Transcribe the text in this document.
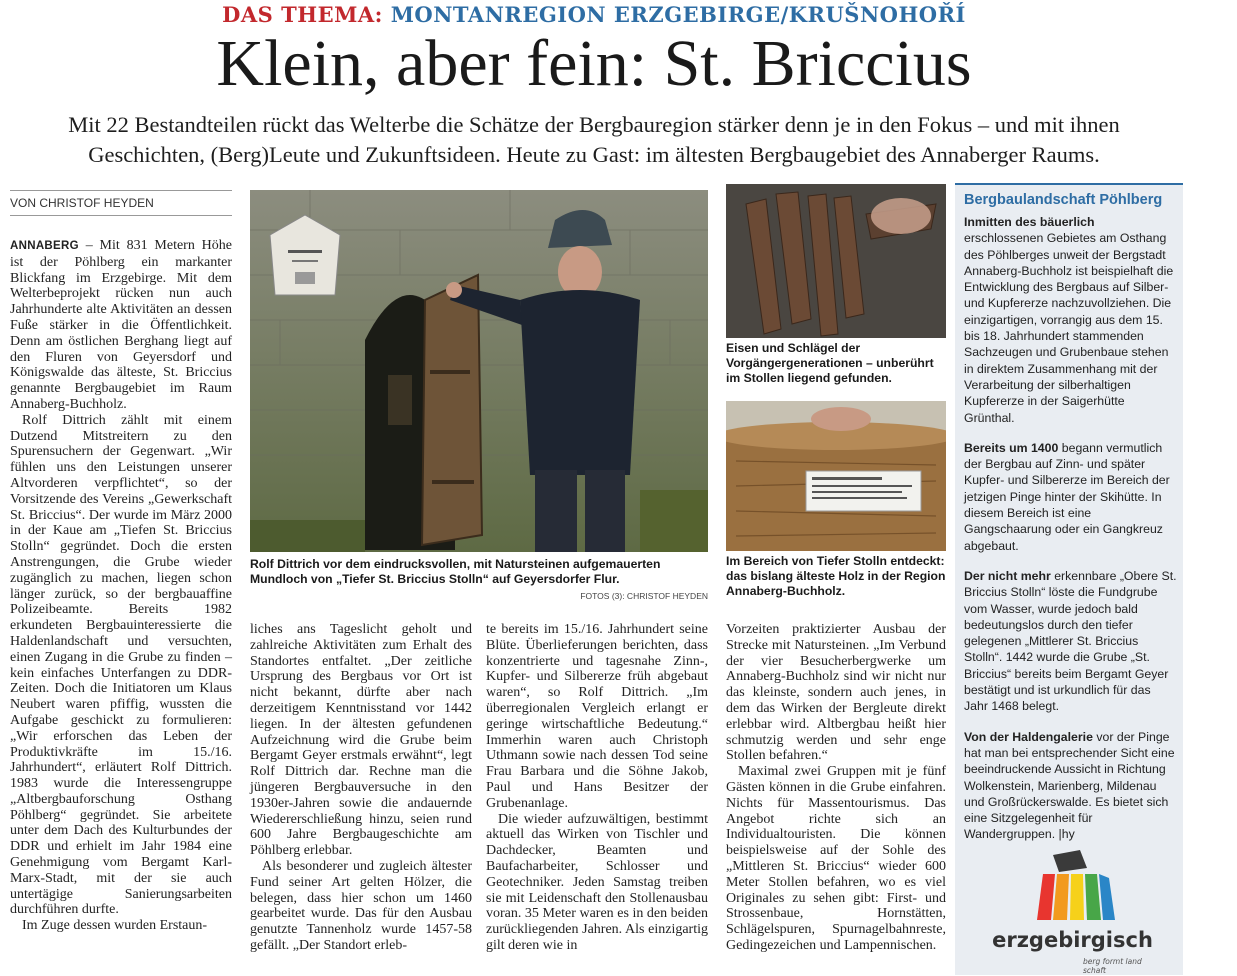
DAS THEMA: MONTANREGION ERZGEBIRGE/KRUŠNOHOŘÍ
Klein, aber fein: St. Briccius
Mit 22 Bestandteilen rückt das Welterbe die Schätze der Bergbauregion stärker denn je in den Fokus – und mit ihnen Geschichten, (Berg)Leute und Zukunftsideen. Heute zu Gast: im ältesten Bergbaugebiet des Annaberger Raums.
VON CHRISTOF HEYDEN

ANNABERG – Mit 831 Metern Höhe ist der Pöhlberg ein markanter Blickfang im Erzgebirge. Mit dem Welterbeprojekt rücken nun auch Jahrhunderte alte Aktivitäten an dessen Fuße stärker in die Öffentlichkeit. Denn am östlichen Berghang liegt auf den Fluren von Geyersdorf und Königswalde das älteste, St. Briccius genannte Bergbaugebiet im Raum Annaberg-Buchholz.

Rolf Dittrich zählt mit einem Dutzend Mitstreitern zu den Spurensuchern der Gegenwart. „Wir fühlen uns den Leistungen unserer Altvorderen verpflichtet“, so der Vorsitzende des Vereins „Gewerkschaft St. Briccius“. Der wurde im März 2000 in der Kaue am „Tiefen St. Briccius Stolln“ gegründet. Doch die ersten Anstrengungen, die Grube wieder zugänglich zu machen, liegen schon länger zurück, so der bergbauaffine Polizeibeamte. Bereits 1982 erkundeten Bergbauinteressierte die Haldenlandschaft und versuchten, einen Zugang in die Grube zu finden – kein einfaches Unterfangen zu DDR-Zeiten. Doch die Initiatoren um Klaus Neubert waren pfiffig, wussten die Aufgabe geschickt zu formulieren: „Wir erforschen das Leben der Produktivkräfte im 15./16. Jahrhundert“, erläutert Rolf Dittrich. 1983 wurde die Interessengruppe „Altbergbauforschung Osthang Pöhlberg“ gegründet. Sie arbeitete unter dem Dach des Kulturbundes der DDR und erhielt im Jahr 1984 eine Genehmigung vom Bergamt Karl-Marx-Stadt, mit der sie auch untertägige Sanierungsarbeiten durchführen durfte.

Im Zuge dessen wurden Erstaun-

Rolf Dittrich vor dem eindrucksvollen, mit Natursteinen aufgemauerten Mundloch von „Tiefer St. Briccius Stolln“ auf Geyersdorfer Flur.
FOTOS (3): CHRISTOF HEYDEN

liches ans Tageslicht geholt und zahlreiche Aktivitäten zum Erhalt des Standortes entfaltet. „Der zeitliche Ursprung des Bergbaus vor Ort ist nicht bekannt, dürfte aber nach derzeitigem Kenntnisstand vor 1442 liegen. In der ältesten gefundenen Aufzeichnung wird die Grube beim Bergamt Geyer erstmals erwähnt“, legt Rolf Dittrich dar. Rechne man die jüngeren Bergbauversuche in den 1930er-Jahren sowie die andauernde Wiedererschließung hinzu, seien rund 600 Jahre Bergbaugeschichte am Pöhlberg erlebbar.

Als besonderer und zugleich ältester Fund seiner Art gelten Hölzer, die belegen, dass hier schon um 1460 gearbeitet wurde. Das für den Ausbau genutzte Tannenholz wurde 1457-58 gefällt. „Der Standort erleb-

te bereits im 15./16. Jahrhundert seine Blüte. Überlieferungen berichten, dass konzentrierte und tagesnahe Zinn-, Kupfer- und Silbererze früh abgebaut waren“, so Rolf Dittrich. „Im überregionalen Vergleich erlangt er geringe wirtschaftliche Bedeutung.“ Immerhin waren auch Christoph Uthmann sowie nach dessen Tod seine Frau Barbara und die Söhne Jakob, Paul und Hans Besitzer der Grubenanlage.

Die wieder aufzuwältigen, bestimmt aktuell das Wirken von Tischler und Dachdecker, Beamten und Baufacharbeiter, Schlosser und Geotechniker. Jeden Samstag treiben sie mit Leidenschaft den Stollenausbau voran. 35 Meter waren es in den beiden zurückliegenden Jahren. Als einzigartig gilt deren wie in

Eisen und Schlägel der Vorgängergenerationen – unberührt im Stollen liegend gefunden.
Im Bereich von Tiefer Stolln entdeckt: das bislang älteste Holz in der Region Annaberg-Buchholz.

Vorzeiten praktizierter Ausbau der Strecke mit Natursteinen. „Im Verbund der vier Besucherbergwerke um Annaberg-Buchholz sind wir nicht nur das kleinste, sondern auch jenes, in dem das Wirken der Bergleute direkt erlebbar wird. Altbergbau heißt hier schmutzig werden und sehr enge Stollen befahren.“

Maximal zwei Gruppen mit je fünf Gästen können in die Grube einfahren. Nichts für Massentourismus. Das Angebot richte sich an Individualtouristen. Die können beispielsweise auf der Sohle des „Mittleren St. Briccius“ wieder 600 Meter Stollen befahren, wo es viel Originales zu sehen gibt: First- und Strossenbaue, Hornstätten, Schlägelspuren, Spurnagelbahnreste, Gedingezeichen und Lampennischen.

Bergbaulandschaft Pöhlberg
Inmitten des bäuerlich erschlossenen Gebietes am Osthang des Pöhlberges unweit der Bergstadt Annaberg-Buchholz ist beispielhaft die Entwicklung des Bergbaus auf Silber- und Kupfererze nachzuvollziehen. Die einzigartigen, vorrangig aus dem 15. bis 18. Jahrhundert stammenden Sachzeugen und Grubenbaue stehen in direktem Zusammenhang mit der Verarbeitung der silberhaltigen Kupfererze in der Saigerhütte Grünthal.
Bereits um 1400 begann vermutlich der Bergbau auf Zinn- und später Kupfer- und Silbererze im Bereich der jetzigen Pinge hinter der Skihütte. In diesem Bereich ist eine Gangschaarung oder ein Gangkreuz abgebaut.
Der nicht mehr erkennbare „Obere St. Briccius Stolln“ löste die Fundgrube vom Wasser, wurde jedoch bald bedeutungslos durch den tiefer gelegenen „Mittlerer St. Briccius Stolln“. 1442 wurde die Grube „St. Briccius“ bereits beim Bergamt Geyer bestätigt und ist urkundlich für das Jahr 1468 belegt.
Von der Haldengalerie vor der Pinge hat man bei entsprechender Sicht eine beeindruckende Aussicht in Richtung Wolkenstein, Marienberg, Mildenau und Großrückerswalde. Es bietet sich eine Sitzgelegenheit für Wandergruppen. |hy
erzgebirgisch
berg formt land schaft
